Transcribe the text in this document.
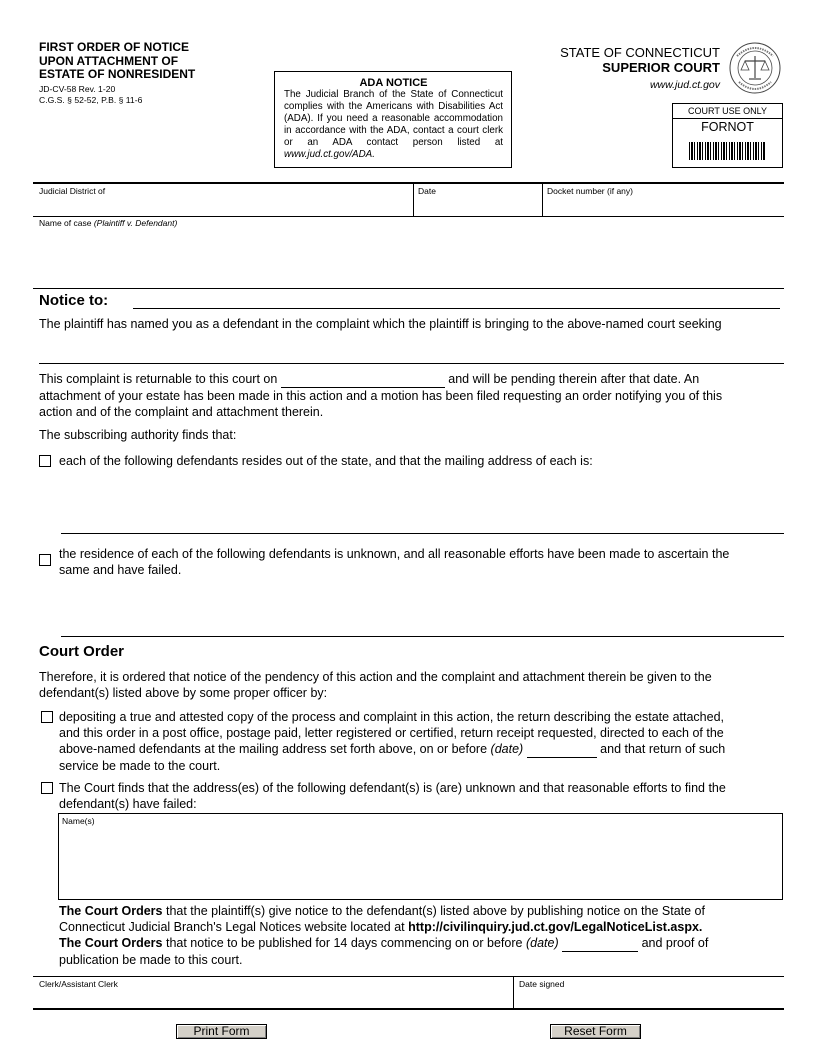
FIRST ORDER OF NOTICE
UPON ATTACHMENT OF
ESTATE OF NONRESIDENT
JD-CV-58 Rev. 1-20
C.G.S. § 52-52, P.B. § 11-6
ADA NOTICE
The Judicial Branch of the State of Connecticut complies with the Americans with Disabilities Act (ADA). If you need a reasonable accommodation in accordance with the ADA, contact a court clerk or an ADA contact person listed at www.jud.ct.gov/ADA.
STATE OF CONNECTICUT
SUPERIOR COURT
www.jud.ct.gov
COURT USE ONLY
FORNOT
Judicial District of	Date	Docket number (if any)
Name of case (Plaintiff v. Defendant)
Notice to:
The plaintiff has named you as a defendant in the complaint which the plaintiff is bringing to the above-named court seeking
This complaint is returnable to this court on	and will be pending therein after that date. An
attachment of your estate has been made in this action and a motion has been filed requesting an order notifying you of this
action and of the complaint and attachment therein.
The subscribing authority finds that:
each of the following defendants resides out of the state, and that the mailing address of each is:
the residence of each of the following defendants is unknown, and all reasonable efforts have been made to ascertain the
same and have failed.
Court Order
Therefore, it is ordered that notice of the pendency of this action and the complaint and attachment therein be given to the
defendant(s) listed above by some proper officer by:
depositing a true and attested copy of the process and complaint in this action, the return describing the estate attached,
and this order in a post office, postage paid, letter registered or certified, return receipt requested, directed to each of the
above-named defendants at the mailing address set forth above, on or before (date)	and that return of such
service be made to the court.
The Court finds that the address(es) of the following defendant(s) is (are) unknown and that reasonable efforts to find the
defendant(s) have failed:
Name(s)
The Court Orders that the plaintiff(s) give notice to the defendant(s) listed above by publishing notice on the State of
Connecticut Judicial Branch's Legal Notices website located at http://civilinquiry.jud.ct.gov/LegalNoticeList.aspx.
The Court Orders that notice to be published for 14 days commencing on or before (date)	and proof of
publication be made to this court.
Clerk/Assistant Clerk	Date signed
Print Form	Reset Form
